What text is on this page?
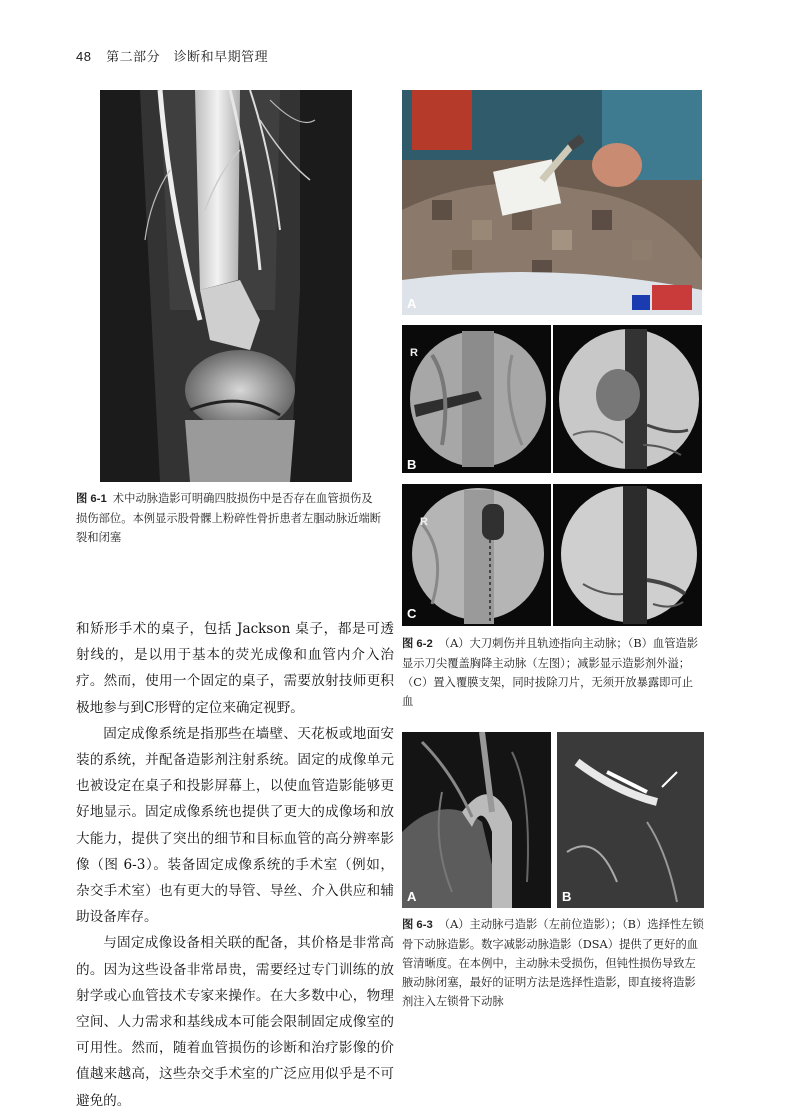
48 第二部分　诊断和早期管理
图 6-1 术中动脉造影可明确四肢损伤中是否存在血管损伤及损伤部位。本例显示股骨髁上粉碎性骨折患者左腘动脉近端断裂和闭塞
A
R
B
R
C
图 6-2 （A）大刀刺伤并且轨迹指向主动脉；（B）血管造影显示刀尖覆盖胸降主动脉（左图）；减影显示造影剂外溢；（C）置入覆膜支架，同时拔除刀片，无须开放暴露即可止血
A	B
图 6-3 （A）主动脉弓造影（左前位造影）；（B）选择性左锁骨下动脉造影。数字减影动脉造影（DSA）提供了更好的血管清晰度。在本例中，主动脉未受损伤，但钝性损伤导致左腋动脉闭塞，最好的证明方法是选择性造影，即直接将造影剂注入左锁骨下动脉

和矫形手术的桌子，包括 Jackson 桌子，都是可透射线的，是以用于基本的荧光成像和血管内介入治疗。然而，使用一个固定的桌子，需要放射技师更积极地参与到C形臂的定位来确定视野。

固定成像系统是指那些在墙壁、天花板或地面安装的系统，并配备造影剂注射系统。固定的成像单元也被设定在桌子和投影屏幕上，以使血管造影能够更好地显示。固定成像系统也提供了更大的成像场和放大能力，提供了突出的细节和目标血管的高分辨率影像（图 6-3）。装备固定成像系统的手术室（例如，杂交手术室）也有更大的导管、导丝、介入供应和辅助设备库存。

与固定成像设备相关联的配备，其价格是非常高的。因为这些设备非常昂贵，需要经过专门训练的放射学或心血管技术专家来操作。在大多数中心，物理空间、人力需求和基线成本可能会限制固定成像室的可用性。然而，随着血管损伤的诊断和治疗影像的价值越来越高，这些杂交手术室的广泛应用似乎是不可避免的。
